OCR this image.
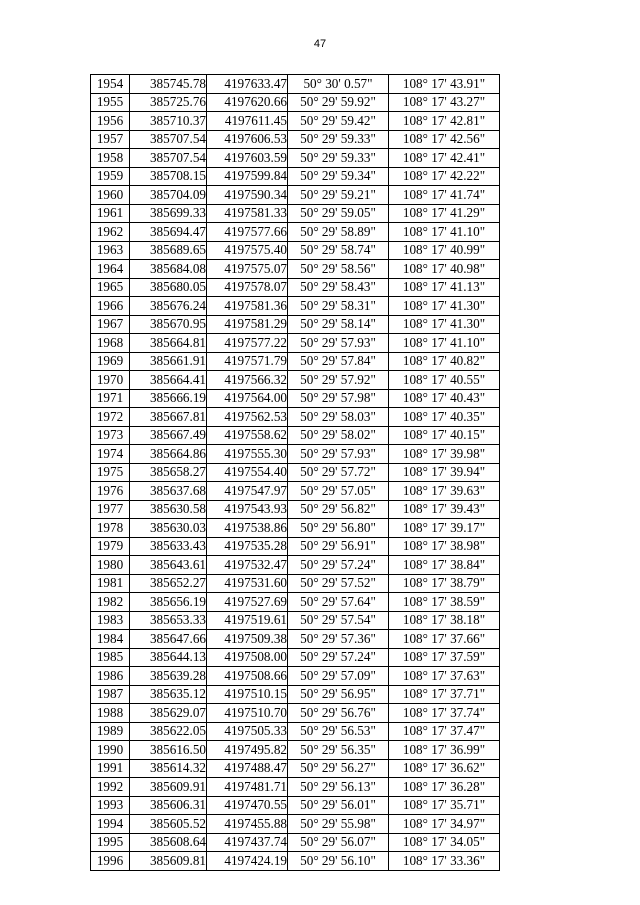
47
1954	385745.78	4197633.47	50° 30' 0.57"	108° 17' 43.91"
1955	385725.76	4197620.66	50° 29' 59.92"	108° 17' 43.27"
1956	385710.37	4197611.45	50° 29' 59.42"	108° 17' 42.81"
1957	385707.54	4197606.53	50° 29' 59.33"	108° 17' 42.56"
1958	385707.54	4197603.59	50° 29' 59.33"	108° 17' 42.41"
1959	385708.15	4197599.84	50° 29' 59.34"	108° 17' 42.22"
1960	385704.09	4197590.34	50° 29' 59.21"	108° 17' 41.74"
1961	385699.33	4197581.33	50° 29' 59.05"	108° 17' 41.29"
1962	385694.47	4197577.66	50° 29' 58.89"	108° 17' 41.10"
1963	385689.65	4197575.40	50° 29' 58.74"	108° 17' 40.99"
1964	385684.08	4197575.07	50° 29' 58.56"	108° 17' 40.98"
1965	385680.05	4197578.07	50° 29' 58.43"	108° 17' 41.13"
1966	385676.24	4197581.36	50° 29' 58.31"	108° 17' 41.30"
1967	385670.95	4197581.29	50° 29' 58.14"	108° 17' 41.30"
1968	385664.81	4197577.22	50° 29' 57.93"	108° 17' 41.10"
1969	385661.91	4197571.79	50° 29' 57.84"	108° 17' 40.82"
1970	385664.41	4197566.32	50° 29' 57.92"	108° 17' 40.55"
1971	385666.19	4197564.00	50° 29' 57.98"	108° 17' 40.43"
1972	385667.81	4197562.53	50° 29' 58.03"	108° 17' 40.35"
1973	385667.49	4197558.62	50° 29' 58.02"	108° 17' 40.15"
1974	385664.86	4197555.30	50° 29' 57.93"	108° 17' 39.98"
1975	385658.27	4197554.40	50° 29' 57.72"	108° 17' 39.94"
1976	385637.68	4197547.97	50° 29' 57.05"	108° 17' 39.63"
1977	385630.58	4197543.93	50° 29' 56.82"	108° 17' 39.43"
1978	385630.03	4197538.86	50° 29' 56.80"	108° 17' 39.17"
1979	385633.43	4197535.28	50° 29' 56.91"	108° 17' 38.98"
1980	385643.61	4197532.47	50° 29' 57.24"	108° 17' 38.84"
1981	385652.27	4197531.60	50° 29' 57.52"	108° 17' 38.79"
1982	385656.19	4197527.69	50° 29' 57.64"	108° 17' 38.59"
1983	385653.33	4197519.61	50° 29' 57.54"	108° 17' 38.18"
1984	385647.66	4197509.38	50° 29' 57.36"	108° 17' 37.66"
1985	385644.13	4197508.00	50° 29' 57.24"	108° 17' 37.59"
1986	385639.28	4197508.66	50° 29' 57.09"	108° 17' 37.63"
1987	385635.12	4197510.15	50° 29' 56.95"	108° 17' 37.71"
1988	385629.07	4197510.70	50° 29' 56.76"	108° 17' 37.74"
1989	385622.05	4197505.33	50° 29' 56.53"	108° 17' 37.47"
1990	385616.50	4197495.82	50° 29' 56.35"	108° 17' 36.99"
1991	385614.32	4197488.47	50° 29' 56.27"	108° 17' 36.62"
1992	385609.91	4197481.71	50° 29' 56.13"	108° 17' 36.28"
1993	385606.31	4197470.55	50° 29' 56.01"	108° 17' 35.71"
1994	385605.52	4197455.88	50° 29' 55.98"	108° 17' 34.97"
1995	385608.64	4197437.74	50° 29' 56.07"	108° 17' 34.05"
1996	385609.81	4197424.19	50° 29' 56.10"	108° 17' 33.36"
